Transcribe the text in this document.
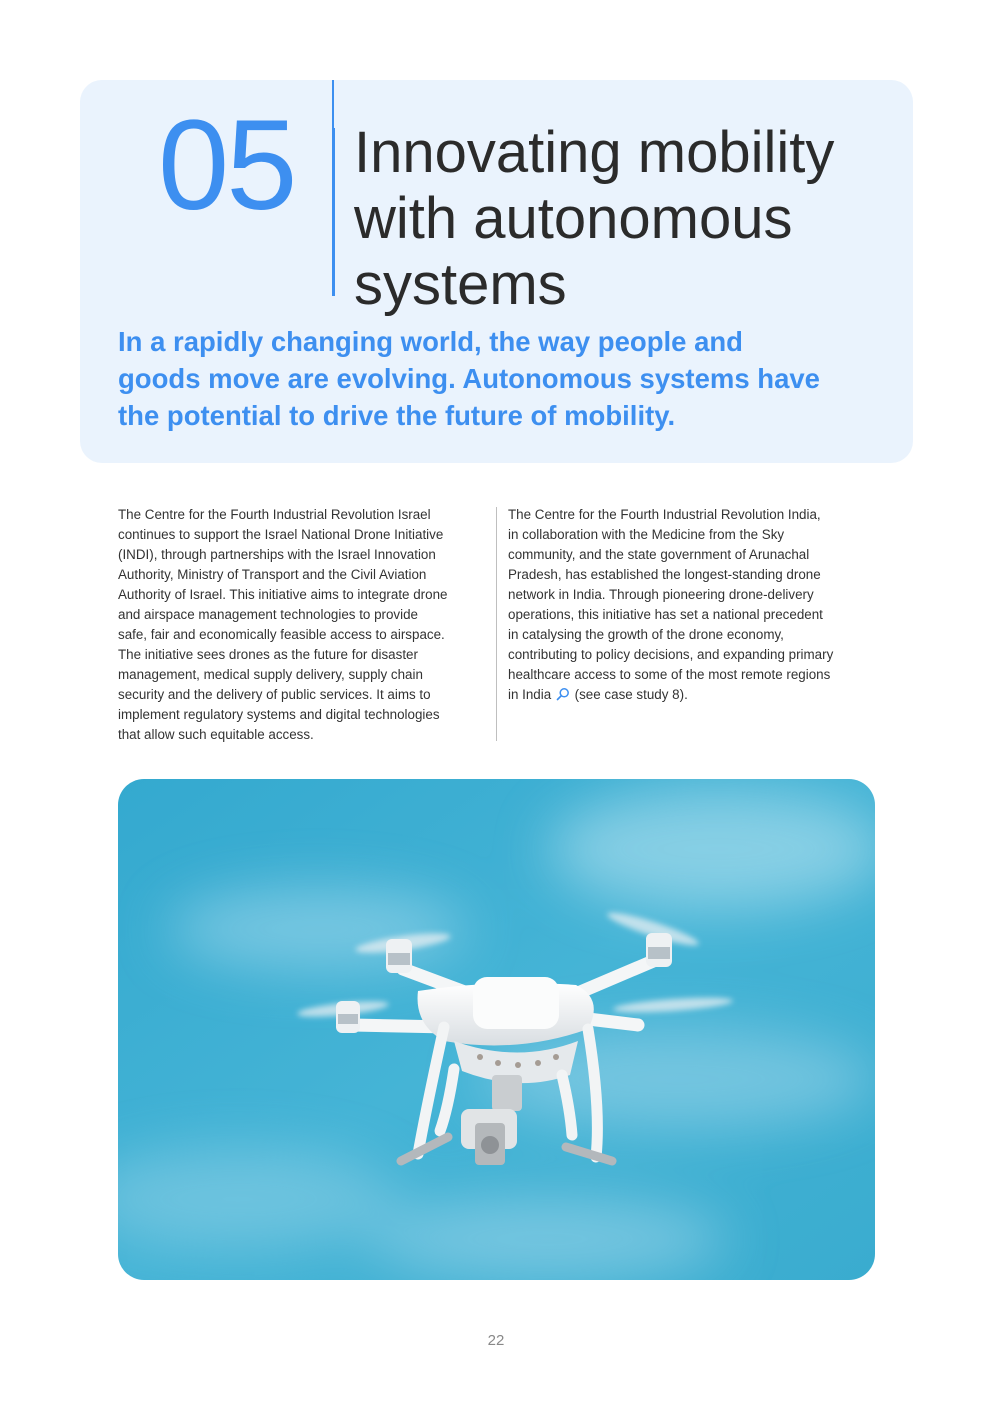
05 Innovating mobility
with autonomous
systems
In a rapidly changing world, the way people and
goods move are evolving. Autonomous systems have
the potential to drive the future of mobility.
The Centre for the Fourth Industrial Revolution Israel
continues to support the Israel National Drone Initiative
(INDI), through partnerships with the Israel Innovation
Authority, Ministry of Transport and the Civil Aviation
Authority of Israel. This initiative aims to integrate drone
and airspace management technologies to provide
safe, fair and economically feasible access to airspace.
The initiative sees drones as the future for disaster
management, medical supply delivery, supply chain
security and the delivery of public services. It aims to
implement regulatory systems and digital technologies
that allow such equitable access.
The Centre for the Fourth Industrial Revolution India,
in collaboration with the Medicine from the Sky
community, and the state government of Arunachal
Pradesh, has established the longest-standing drone
network in India. Through pioneering drone-delivery
operations, this initiative has set a national precedent
in catalysing the growth of the drone economy,
contributing to policy decisions, and expanding primary
healthcare access to some of the most remote regions
in India (see case study 8).
22
